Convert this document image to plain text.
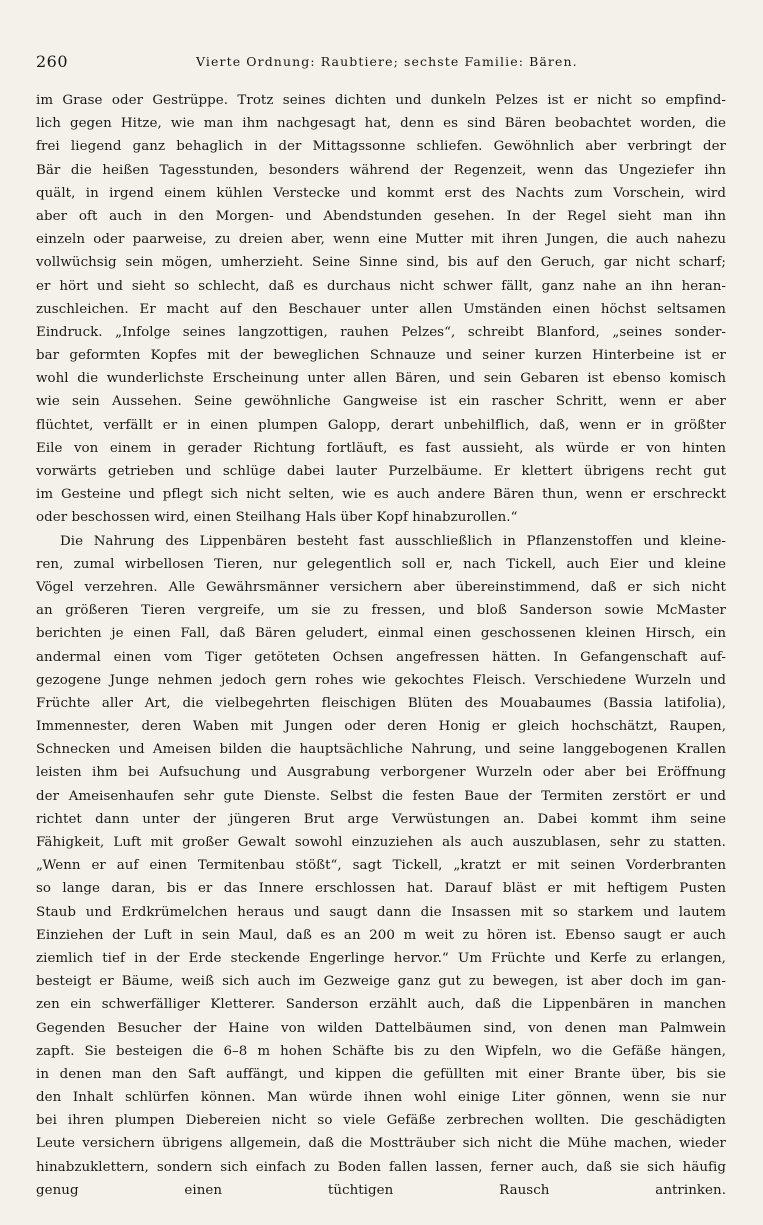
260	Vierte Ordnung: Raubtiere; sechste Familie: Bären.
im Grase oder Gestrüppe. Trotz seines dichten und dunkeln Pelzes ist er nicht so empfind-
lich gegen Hitze, wie man ihm nachgesagt hat, denn es sind Bären beobachtet worden, die
frei liegend ganz behaglich in der Mittagssonne schliefen. Gewöhnlich aber verbringt der
Bär die heißen Tagesstunden, besonders während der Regenzeit, wenn das Ungeziefer ihn
quält, in irgend einem kühlen Verstecke und kommt erst des Nachts zum Vorschein, wird
aber oft auch in den Morgen- und Abendstunden gesehen. In der Regel sieht man ihn
einzeln oder paarweise, zu dreien aber, wenn eine Mutter mit ihren Jungen, die auch nahezu
vollwüchsig sein mögen, umherzieht. Seine Sinne sind, bis auf den Geruch, gar nicht scharf;
er hört und sieht so schlecht, daß es durchaus nicht schwer fällt, ganz nahe an ihn heran-
zuschleichen. Er macht auf den Beschauer unter allen Umständen einen höchst seltsamen
Eindruck. „Infolge seines langzottigen, rauhen Pelzes“, schreibt Blanford, „seines sonder-
bar geformten Kopfes mit der beweglichen Schnauze und seiner kurzen Hinterbeine ist er
wohl die wunderlichste Erscheinung unter allen Bären, und sein Gebaren ist ebenso komisch
wie sein Aussehen. Seine gewöhnliche Gangweise ist ein rascher Schritt, wenn er aber
flüchtet, verfällt er in einen plumpen Galopp, derart unbehilflich, daß, wenn er in größter
Eile von einem in gerader Richtung fortläuft, es fast aussieht, als würde er von hinten
vorwärts getrieben und schlüge dabei lauter Purzelbäume. Er klettert übrigens recht gut
im Gesteine und pflegt sich nicht selten, wie es auch andere Bären thun, wenn er erschreckt
oder beschossen wird, einen Steilhang Hals über Kopf hinabzurollen.“
Die Nahrung des Lippenbären besteht fast ausschließlich in Pflanzenstoffen und kleine-
ren, zumal wirbellosen Tieren, nur gelegentlich soll er, nach Tickell, auch Eier und kleine
Vögel verzehren. Alle Gewährsmänner versichern aber übereinstimmend, daß er sich nicht
an größeren Tieren vergreife, um sie zu fressen, und bloß Sanderson sowie McMaster
berichten je einen Fall, daß Bären geludert, einmal einen geschossenen kleinen Hirsch, ein
andermal einen vom Tiger getöteten Ochsen angefressen hätten. In Gefangenschaft auf-
gezogene Junge nehmen jedoch gern rohes wie gekochtes Fleisch. Verschiedene Wurzeln und
Früchte aller Art, die vielbegehrten fleischigen Blüten des Mouabaumes (Bassia latifolia),
Immennester, deren Waben mit Jungen oder deren Honig er gleich hochschätzt, Raupen,
Schnecken und Ameisen bilden die hauptsächliche Nahrung, und seine langgebogenen Krallen
leisten ihm bei Aufsuchung und Ausgrabung verborgener Wurzeln oder aber bei Eröffnung
der Ameisenhaufen sehr gute Dienste. Selbst die festen Baue der Termiten zerstört er und
richtet dann unter der jüngeren Brut arge Verwüstungen an. Dabei kommt ihm seine
Fähigkeit, Luft mit großer Gewalt sowohl einzuziehen als auch auszublasen, sehr zu statten.
„Wenn er auf einen Termitenbau stößt“, sagt Tickell, „kratzt er mit seinen Vorderbranten
so lange daran, bis er das Innere erschlossen hat. Darauf bläst er mit heftigem Pusten
Staub und Erdkrümelchen heraus und saugt dann die Insassen mit so starkem und lautem
Einziehen der Luft in sein Maul, daß es an 200 m weit zu hören ist. Ebenso saugt er auch
ziemlich tief in der Erde steckende Engerlinge hervor.“ Um Früchte und Kerfe zu erlangen,
besteigt er Bäume, weiß sich auch im Gezweige ganz gut zu bewegen, ist aber doch im gan-
zen ein schwerfälliger Kletterer. Sanderson erzählt auch, daß die Lippenbären in manchen
Gegenden Besucher der Haine von wilden Dattelbäumen sind, von denen man Palmwein
zapft. Sie besteigen die 6–8 m hohen Schäfte bis zu den Wipfeln, wo die Gefäße hängen,
in denen man den Saft auffängt, und kippen die gefüllten mit einer Brante über, bis sie
den Inhalt schlürfen können. Man würde ihnen wohl einige Liter gönnen, wenn sie nur
bei ihren plumpen Diebereien nicht so viele Gefäße zerbrechen wollten. Die geschädigten
Leute versichern übrigens allgemein, daß die Mostträuber sich nicht die Mühe machen, wieder
hinabzuklettern, sondern sich einfach zu Boden fallen lassen, ferner auch, daß sie sich häufig
genug einen tüchtigen Rausch antrinken.
